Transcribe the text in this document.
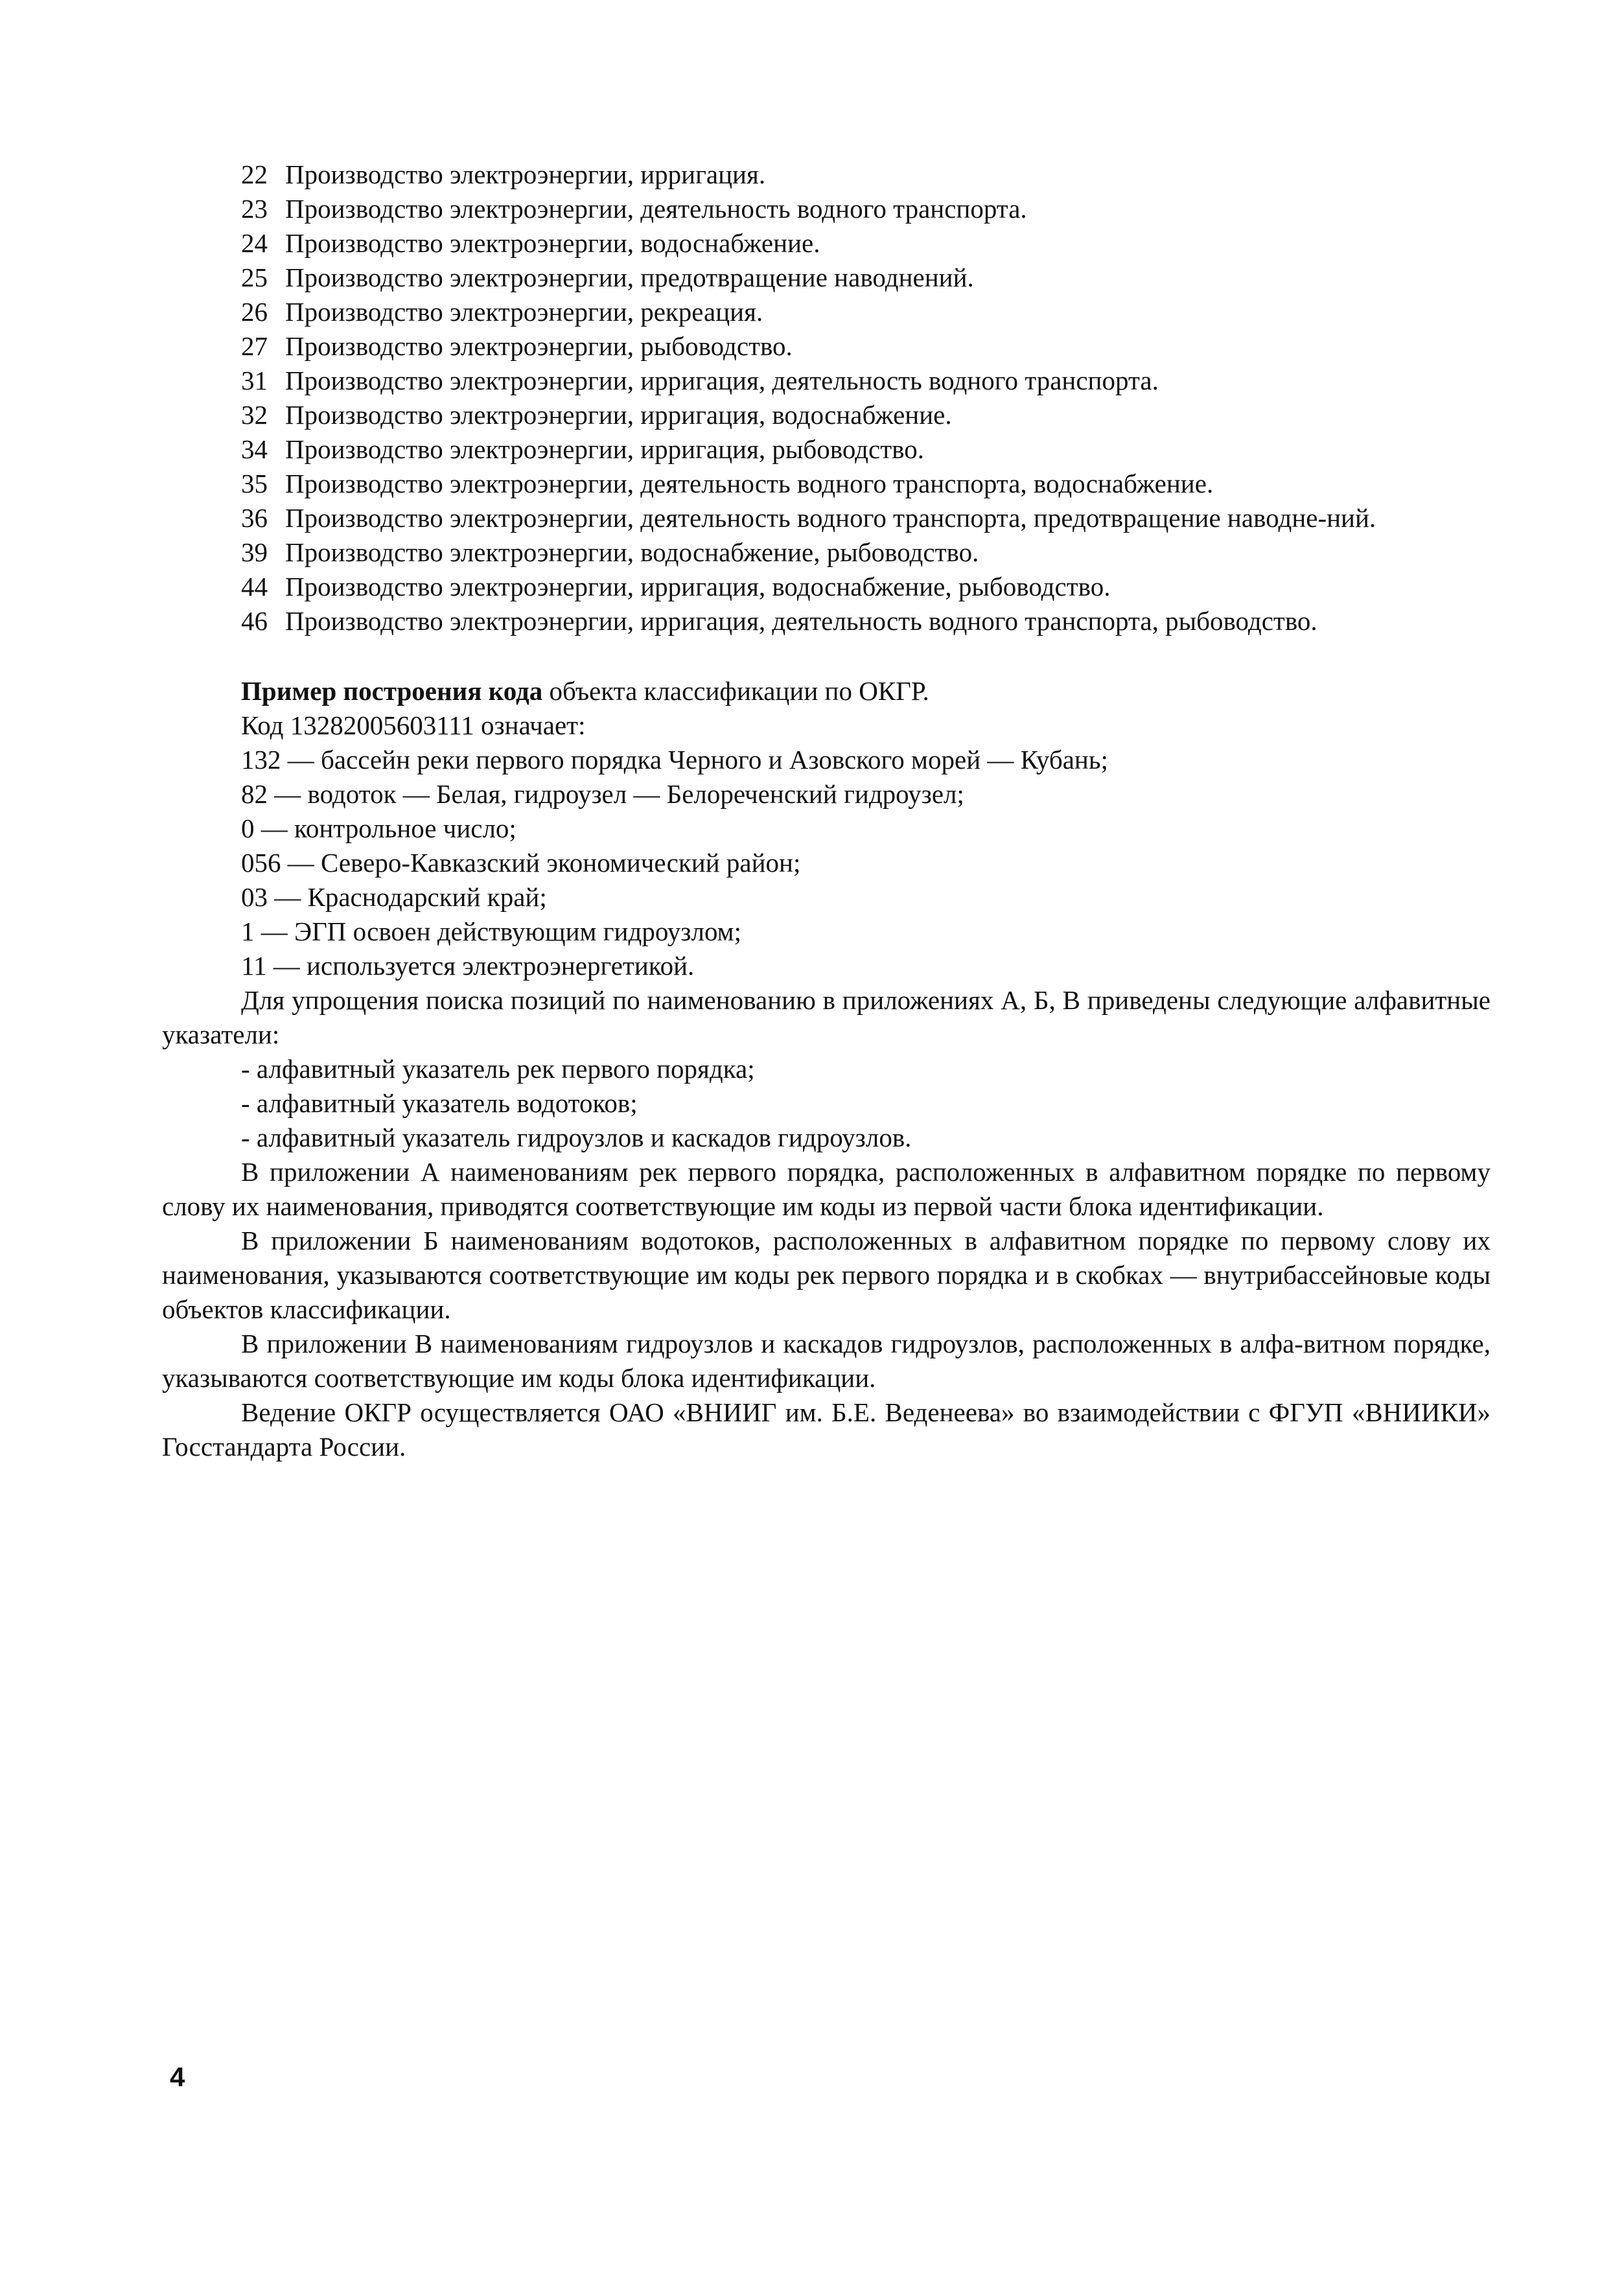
22 Производство электроэнергии, ирригация.
23 Производство электроэнергии, деятельность водного транспорта.
24 Производство электроэнергии, водоснабжение.
25 Производство электроэнергии, предотвращение наводнений.
26 Производство электроэнергии, рекреация.
27 Производство электроэнергии, рыбоводство.
31 Производство электроэнергии, ирригация, деятельность водного транспорта.
32 Производство электроэнергии, ирригация, водоснабжение.
34 Производство электроэнергии, ирригация, рыбоводство.
35 Производство электроэнергии, деятельность водного транспорта, водоснабжение.
36 Производство электроэнергии, деятельность водного транспорта, предотвращение наводне-ний.
39 Производство электроэнергии, водоснабжение, рыбоводство.
44 Производство электроэнергии, ирригация, водоснабжение, рыбоводство.
46 Производство электроэнергии, ирригация, деятельность водного транспорта, рыбоводство.

Пример построения кода объекта классификации по ОКГР.

Код 13282005603111 означает:

132 — бассейн реки первого порядка Черного и Азовского морей — Кубань;

82 — водоток — Белая, гидроузел — Белореченский гидроузел;

0 — контрольное число;

056 — Северо-Кавказский экономический район;

03 — Краснодарский край;

1 — ЭГП освоен действующим гидроузлом;

11 — используется электроэнергетикой.

Для упрощения поиска позиций по наименованию в приложениях А, Б, В приведены следующие алфавитные указатели:

- алфавитный указатель рек первого порядка;

- алфавитный указатель водотоков;

- алфавитный указатель гидроузлов и каскадов гидроузлов.

В приложении А наименованиям рек первого порядка, расположенных в алфавитном порядке по первому слову их наименования, приводятся соответствующие им коды из первой части блока идентификации.

В приложении Б наименованиям водотоков, расположенных в алфавитном порядке по первому слову их наименования, указываются соответствующие им коды рек первого порядка и в скобках — внутрибассейновые коды объектов классификации.

В приложении В наименованиям гидроузлов и каскадов гидроузлов, расположенных в алфа-витном порядке, указываются соответствующие им коды блока идентификации.

Ведение ОКГР осуществляется ОАО «ВНИИГ им. Б.Е. Веденеева» во взаимодействии с ФГУП «ВНИИКИ» Госстандарта России.

4
